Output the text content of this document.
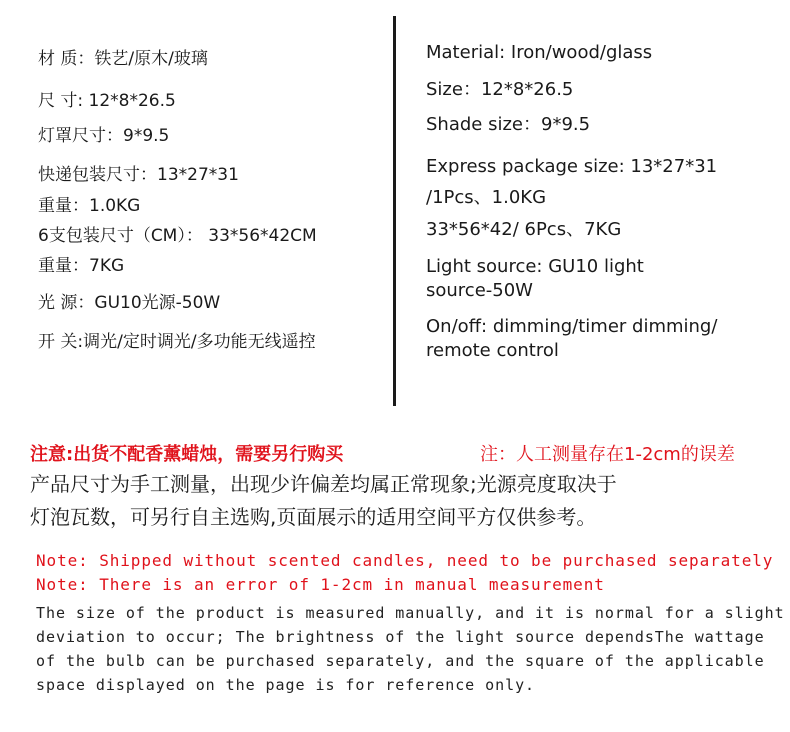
材 质：铁艺/原木/玻璃
尺 寸: 12*8*26.5
灯罩尺寸：9*9.5
快递包装尺寸：13*27*31
重量：1.0KG
6支包装尺寸（CM）： 33*56*42CM
重量：7KG
光 源：GU10光源-50W
开 关:调光/定时调光/多功能无线遥控
Material: Iron/wood/glass
Size：12*8*26.5
Shade size：9*9.5
Express package size: 13*27*31
/1Pcs、1.0KG
33*56*42/ 6Pcs、7KG
Light source: GU10 light
source-50W
On/off: dimming/timer dimming/
remote control
注意:出货不配香薰蜡烛，需要另行购买	注：人工测量存在1-2cm的误差
产品尺寸为手工测量，出现少许偏差均属正常现象;光源亮度取决于
灯泡瓦数，可另行自主选购,页面展示的适用空间平方仅供参考。
Note: Shipped without scented candles, need to be purchased separately
Note: There is an error of 1-2cm in manual measurement
The size of the product is measured manually, and it is normal for a slight
deviation to occur; The brightness of the light source dependsThe wattage
of the bulb can be purchased separately, and the square of the applicable
space displayed on the page is for reference only.
